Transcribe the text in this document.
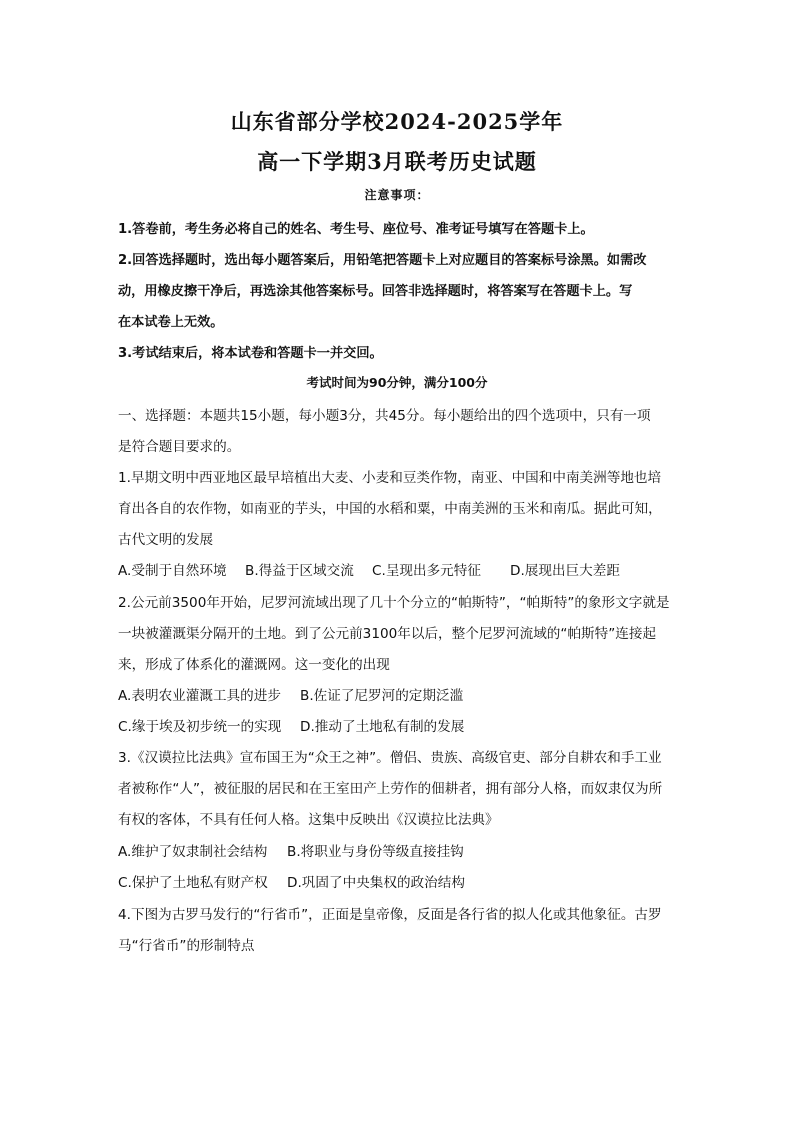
山东省部分学校2024-2025学年
高一下学期3月联考历史试题
注意事项：
1.答卷前，考生务必将自己的姓名、考生号、座位号、准考证号填写在答题卡上。
2.回答选择题时，选出每小题答案后，用铅笔把答题卡上对应题目的答案标号涂黑。如需改
动，用橡皮擦干净后，再选涂其他答案标号。回答非选择题时，将答案写在答题卡上。写
在本试卷上无效。
3.考试结束后，将本试卷和答题卡一并交回。
考试时间为90分钟，满分100分
一、选择题：本题共15小题，每小题3分，共45分。每小题给出的四个选项中，只有一项
是符合题目要求的。
1.早期文明中西亚地区最早培植出大麦、小麦和豆类作物，南亚、中国和中南美洲等地也培
育出各自的农作物，如南亚的芋头，中国的水稻和粟，中南美洲的玉米和南瓜。据此可知，
古代文明的发展
A.受制于自然环境 B.得益于区域交流 C.呈现出多元特征 D.展现出巨大差距
2.公元前3500年开始，尼罗河流域出现了几十个分立的“帕斯特”，“帕斯特”的象形文字就是
一块被灌溉渠分隔开的土地。到了公元前3100年以后，整个尼罗河流域的“帕斯特”连接起
来，形成了体系化的灌溉网。这一变化的出现
A.表明农业灌溉工具的进步 B.佐证了尼罗河的定期泛滥
C.缘于埃及初步统一的实现 D.推动了土地私有制的发展
3.《汉谟拉比法典》宣布国王为“众王之神”。僧侣、贵族、高级官吏、部分自耕农和手工业
者被称作“人”，被征服的居民和在王室田产上劳作的佃耕者，拥有部分人格，而奴隶仅为所
有权的客体，不具有任何人格。这集中反映出《汉谟拉比法典》
A.维护了奴隶制社会结构 B.将职业与身份等级直接挂钩
C.保护了土地私有财产权 D.巩固了中央集权的政治结构
4.下图为古罗马发行的“行省币”，正面是皇帝像，反面是各行省的拟人化或其他象征。古罗
马“行省币”的形制特点
